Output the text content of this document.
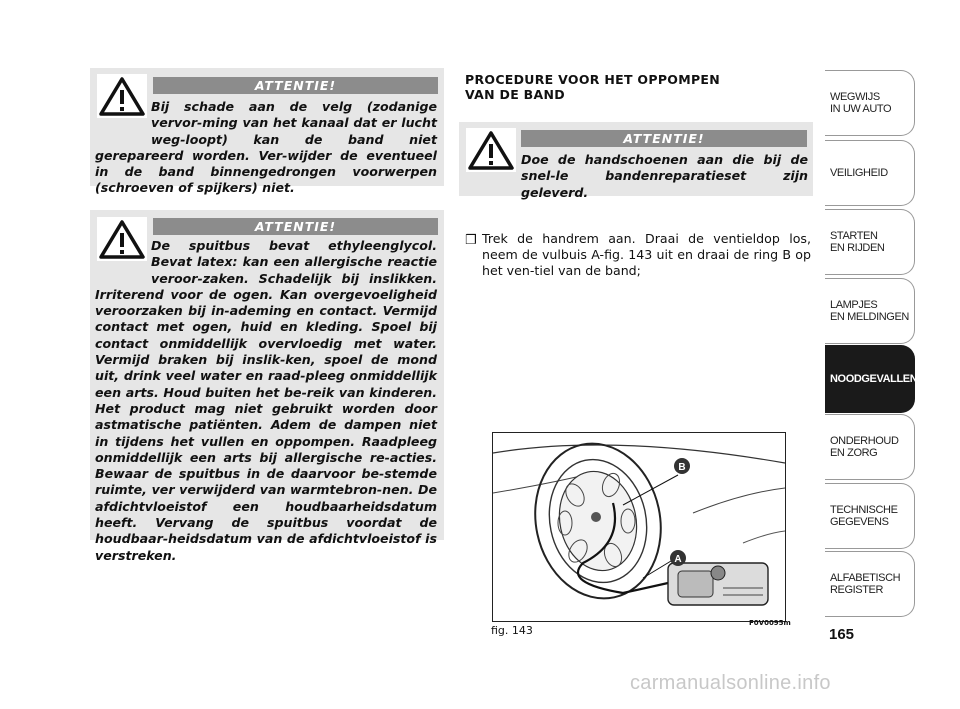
ATTENTIE!

Bij schade aan de velg (zodanige vervor-ming van het kanaal dat er lucht weg-loopt) kan de band niet gerepareerd worden. Ver-wijder de eventueel in de band binnengedrongen voorwerpen (schroeven of spijkers) niet.

ATTENTIE!

De spuitbus bevat ethyleenglycol. Bevat latex: kan een allergische reactie veroor-zaken. Schadelijk bij inslikken. Irriterend voor de ogen. Kan overgevoeligheid veroorzaken bij in-ademing en contact. Vermijd contact met ogen, huid en kleding. Spoel bij contact onmiddellijk overvloedig met water. Vermijd braken bij inslik-ken, spoel de mond uit, drink veel water en raad-pleeg onmiddellijk een arts. Houd buiten het be-reik van kinderen. Het product mag niet gebruikt worden door astmatische patiënten. Adem de dampen niet in tijdens het vullen en oppompen. Raadpleeg onmiddellijk een arts bij allergische re-acties. Bewaar de spuitbus in de daarvoor be-stemde ruimte, ver verwijderd van warmtebron-nen. De afdichtvloeistof een houdbaarheidsdatum heeft. Vervang de spuitbus voordat de houdbaar-heidsdatum van de afdichtvloeistof is verstreken.

PROCEDURE VOOR HET OPPOMPEN
VAN DE BAND

ATTENTIE!

Doe de handschoenen aan die bij de snel-le bandenreparatieset zijn geleverd.

❒ Trek de handrem aan. Draai de ventieldop los, neem de vulbuis A-fig. 143 uit en draai de ring B op het ven-tiel van de band;

B
A
fig. 143
F0V0095m
WEGWIJS
IN UW AUTO
VEILIGHEID
STARTEN
EN RIJDEN
LAMPJES
EN MELDINGEN
NOODGEVALLEN
ONDERHOUD
EN ZORG
TECHNISCHE
GEGEVENS
ALFABETISCH
REGISTER
165
carmanualsonline.info
